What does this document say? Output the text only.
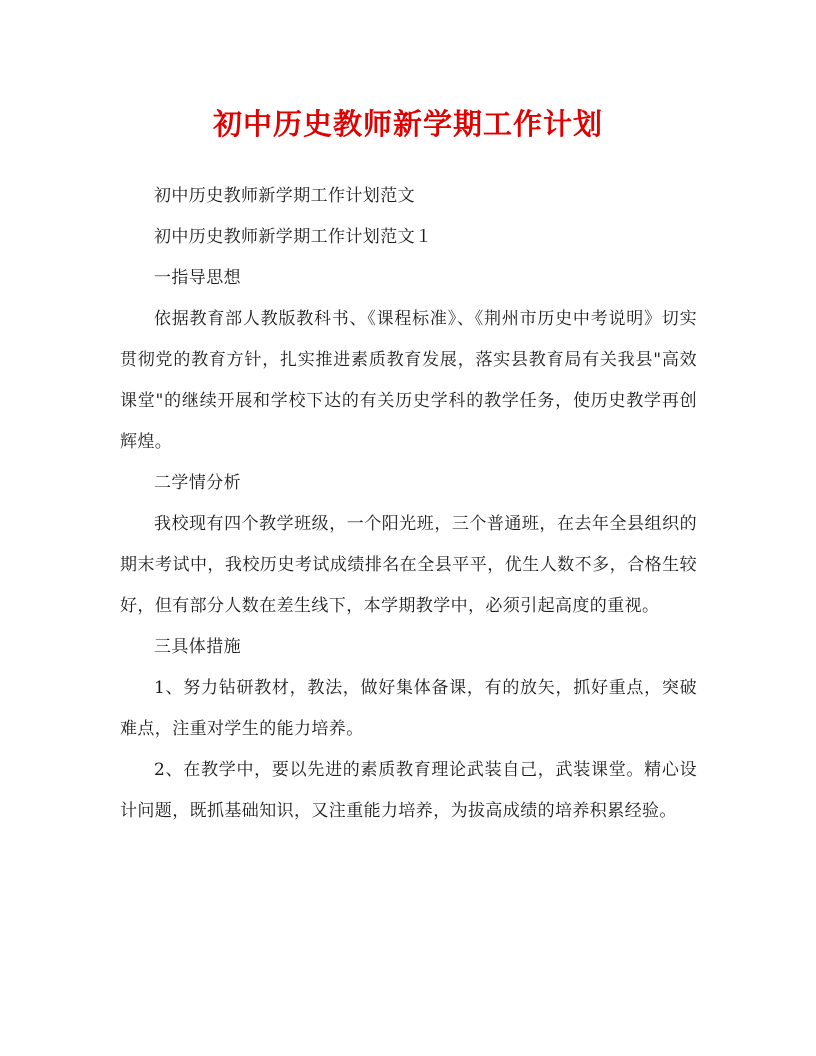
初中历史教师新学期工作计划

初中历史教师新学期工作计划范文

初中历史教师新学期工作计划范文１

一指导思想

依据教育部人教版教科书、《课程标准》、《荆州市历史中考说明》切实贯彻党的教育方针，扎实推进素质教育发展，落实县教育局有关我县"高效课堂"的继续开展和学校下达的有关历史学科的教学任务，使历史教学再创辉煌。

二学情分析

我校现有四个教学班级，一个阳光班，三个普通班，在去年全县组织的期末考试中，我校历史考试成绩排名在全县平平，优生人数不多，合格生较好，但有部分人数在差生线下，本学期教学中，必须引起高度的重视。

三具体措施

1、努力钻研教材，教法，做好集体备课，有的放矢，抓好重点，突破难点，注重对学生的能力培养。

2、在教学中，要以先进的素质教育理论武装自己，武装课堂。精心设计问题，既抓基础知识，又注重能力培养，为拔高成绩的培养积累经验。
